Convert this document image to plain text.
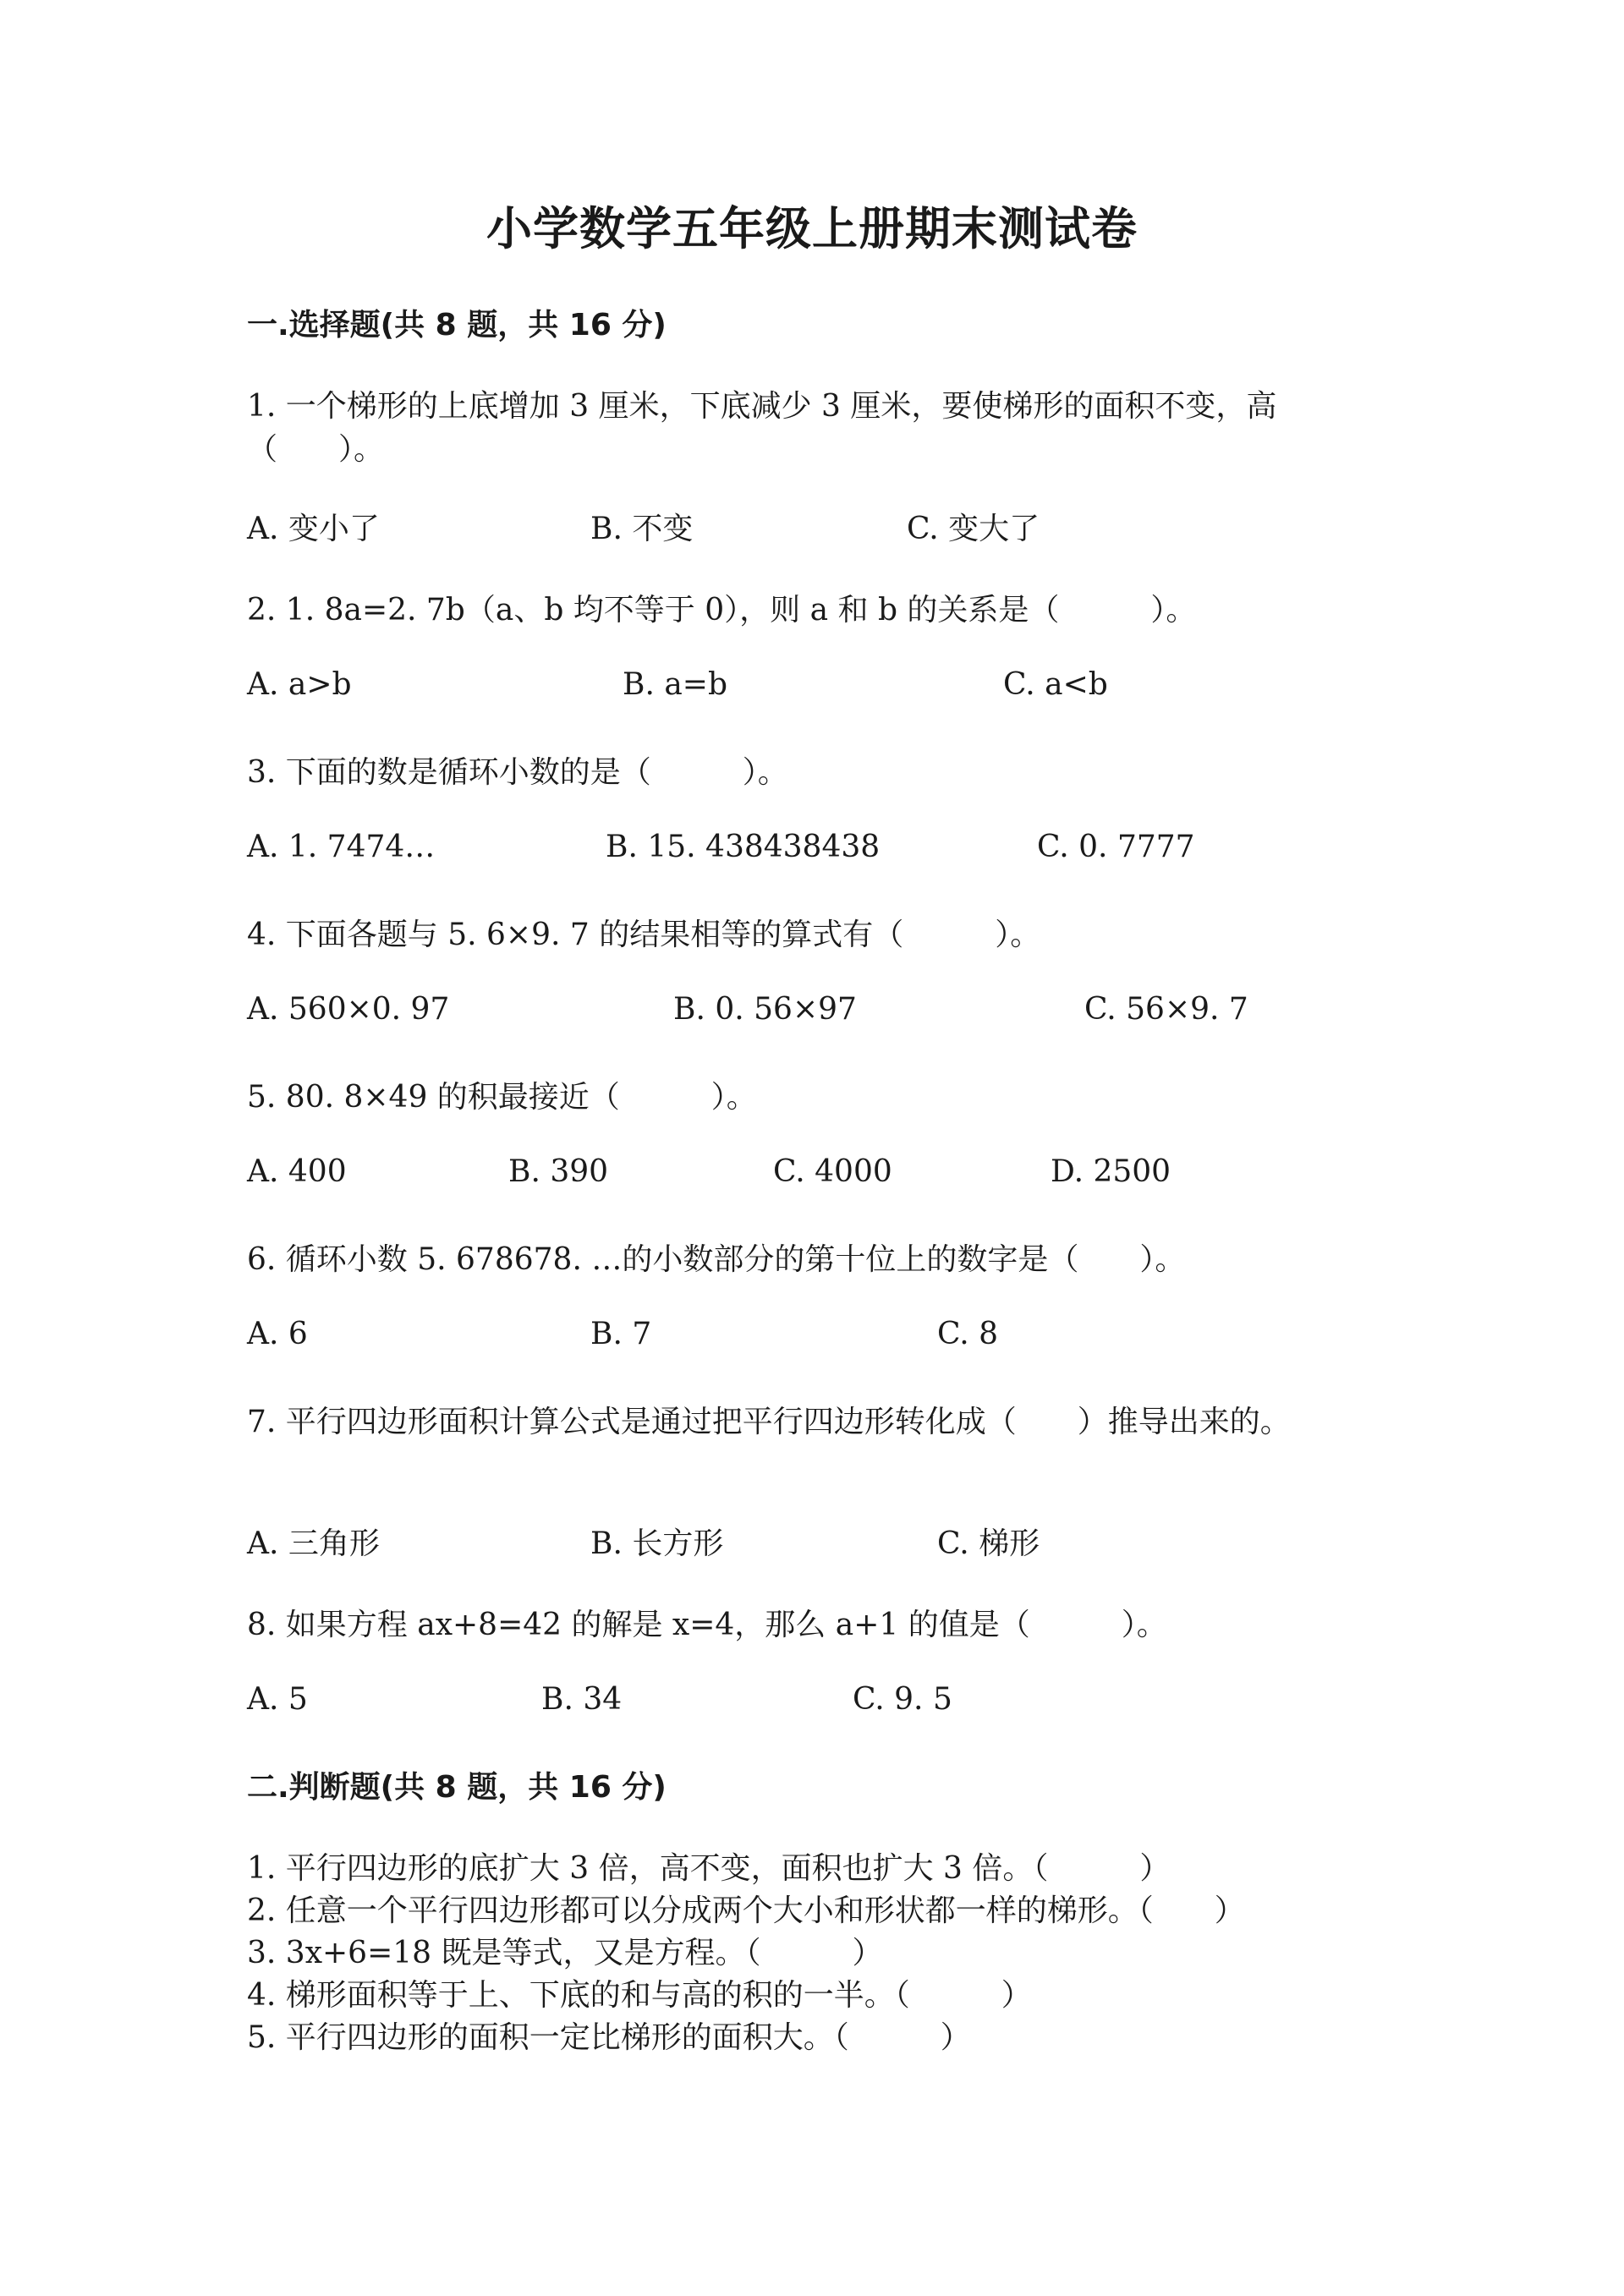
小学数学五年级上册期末测试卷
一.选择题(共 8 题，共 16 分)
1. 一个梯形的上底增加 3 厘米，下底减少 3 厘米，要使梯形的面积不变，高
（　　）。
A. 变小了	B. 不变	C. 变大了
2. 1. 8a=2. 7b（a、b 均不等于 0），则 a 和 b 的关系是（　　　）。
A. a>b	B. a=b	C. a<b
3. 下面的数是循环小数的是（　　　）。
A. 1. 7474…	B. 15. 438438438	C. 0. 7777
4. 下面各题与 5. 6×9. 7 的结果相等的算式有（　　　）。
A. 560×0. 97	B. 0. 56×97	C. 56×9. 7
5. 80. 8×49 的积最接近（　　　）。
A. 400	B. 390	C. 4000	D. 2500
6. 循环小数 5. 678678. …的小数部分的第十位上的数字是（　　）。
A. 6	B. 7	C. 8
7. 平行四边形面积计算公式是通过把平行四边形转化成（　　）推导出来的。
A. 三角形	B. 长方形	C. 梯形
8. 如果方程 ax+8=42 的解是 x=4，那么 a+1 的值是（　　　）。
A. 5	B. 34	C. 9. 5
二.判断题(共 8 题，共 16 分)
1. 平行四边形的底扩大 3 倍，高不变，面积也扩大 3 倍。（　　　）
2. 任意一个平行四边形都可以分成两个大小和形状都一样的梯形。（　　）
3. 3x+6=18 既是等式，又是方程。（　　　）
4. 梯形面积等于上、下底的和与高的积的一半。（　　　）
5. 平行四边形的面积一定比梯形的面积大。（　　　）
